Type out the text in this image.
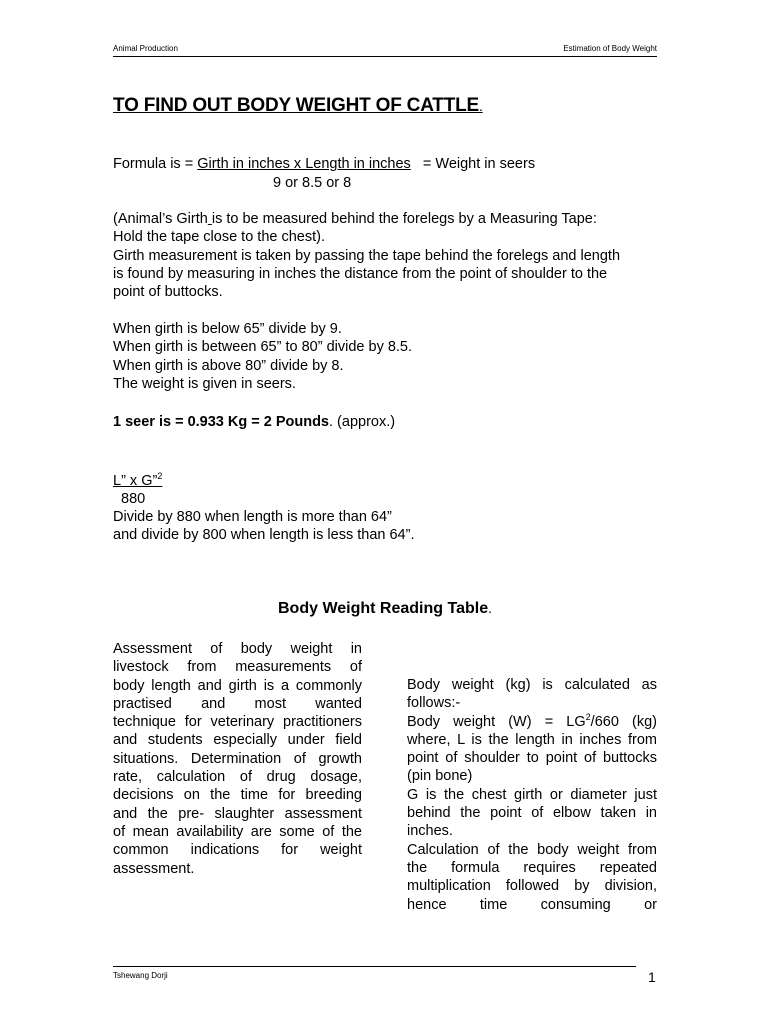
Animal Production	Estimation of Body Weight
TO FIND OUT BODY WEIGHT OF CATTLE.
Formula is = Girth in inches x Length in inches = Weight in seers
9 or 8.5 or 8
(Animal’s Girth is to be measured behind the forelegs by a Measuring Tape:
Hold the tape close to the chest).
Girth measurement is taken by passing the tape behind the forelegs and length
is found by measuring in inches the distance from the point of shoulder to the
point of buttocks.
When girth is below 65” divide by 9.
When girth is between 65” to 80” divide by 8.5.
When girth is above 80” divide by 8.
The weight is given in seers.
1 seer is = 0.933 Kg = 2 Pounds. (approx.)
L” x G”$^2$
880
Divide by 880 when length is more than 64”
and divide by 800 when length is less than 64”.
Body Weight Reading Table.
Assessment of body weight in
livestock from measurements of
body length and girth is a commonly
practised and most wanted
technique for veterinary practitioners
and students especially under field
situations. Determination of growth
rate, calculation of drug dosage,
decisions on the time for breeding
and the pre- slaughter assessment
of mean availability are some of the
common indications for weight
assessment.
Body weight (kg) is calculated as
follows:-
Body weight $(W) = LG^2/660$ (kg)
where, L is the length in inches from
point of shoulder to point of buttocks
(pin bone)
G is the chest girth or diameter just
behind the point of elbow taken in
inches.
Calculation of the body weight from
the formula requires repeated
multiplication followed by division,
hence time consuming or
Tshewang Dorji	1
